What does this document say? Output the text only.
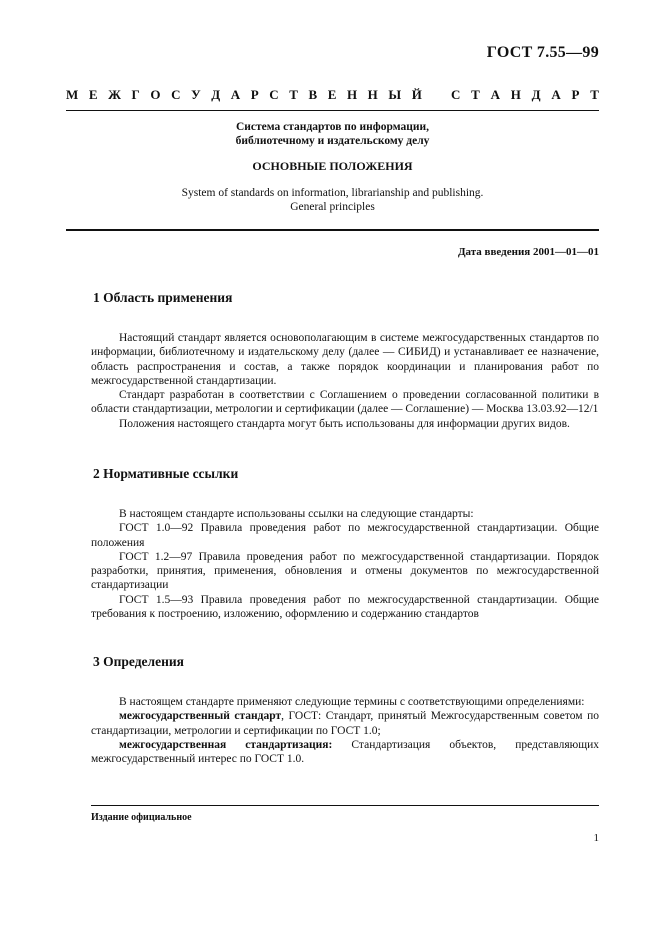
ГОСТ 7.55—99
М Е Ж Г О С У Д А Р С Т В Е Н Н Ы Й С Т А Н Д А Р Т
Система стандартов по информации,
библиотечному и издательскому делу
ОСНОВНЫЕ ПОЛОЖЕНИЯ
System of standards on information, librarianship and publishing.
General principles
Дата введения 2001—01—01
1 Область применения

Настоящий стандарт является основополагающим в системе межгосударственных стандартов по информации, библиотечному и издательскому делу (далее — СИБИД) и устанавливает ее назначение, область распространения и состав, а также порядок координации и планирования работ по межгосударственной стандартизации.

Стандарт разработан в соответствии с Соглашением о проведении согласованной политики в области стандартизации, метрологии и сертификации (далее — Соглашение) — Москва 13.03.92—12/1

Положения настоящего стандарта могут быть использованы для информации других видов.

2 Нормативные ссылки

В настоящем стандарте использованы ссылки на следующие стандарты:

ГОСТ 1.0—92 Правила проведения работ по межгосударственной стандартизации. Общие положения

ГОСТ 1.2—97 Правила проведения работ по межгосударственной стандартизации. Порядок разработки, принятия, применения, обновления и отмены документов по межгосударственной стандартизации

ГОСТ 1.5—93 Правила проведения работ по межгосударственной стандартизации. Общие требования к построению, изложению, оформлению и содержанию стандартов

3 Определения

В настоящем стандарте применяют следующие термины с соответствующими определениями:

межгосударственный стандарт, ГОСТ: Стандарт, принятый Межгосударственным советом по стандартизации, метрологии и сертификации по ГОСТ 1.0;

межгосударственная стандартизация: Стандартизация объектов, представляющих межгосударственный интерес по ГОСТ 1.0.

Издание официальное
1
